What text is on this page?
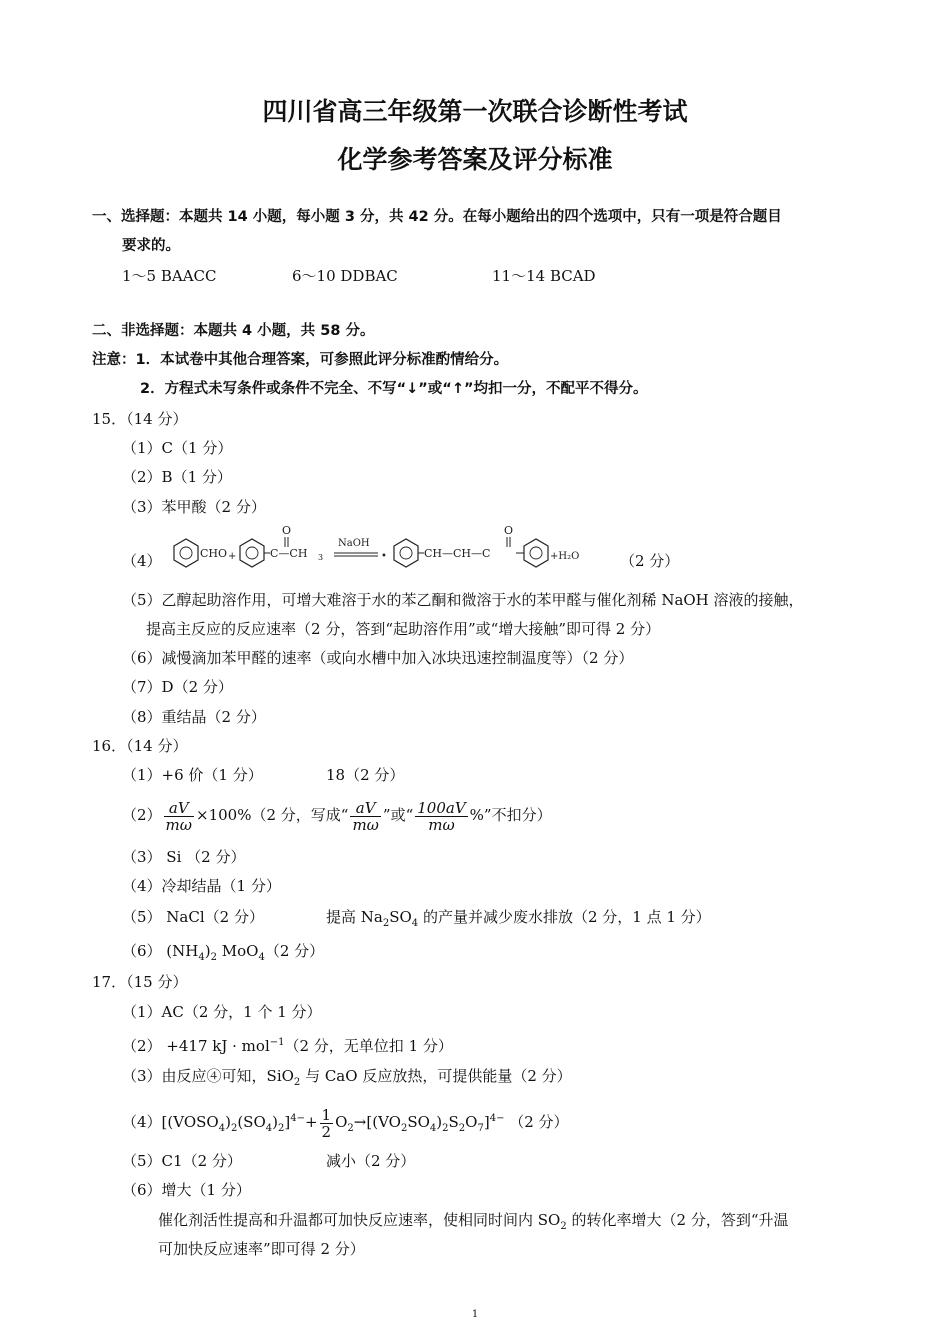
四川省高三年级第一次联合诊断性考试
化学参考答案及评分标准
一、选择题：本题共 14 小题，每小题 3 分，共 42 分。在每小题给出的四个选项中，只有一项是符合题目
要求的。
1～5 BAACC	6～10 DDBAC	11～14 BCAD
二、非选择题：本题共 4 小题，共 58 分。
注意：1．本试卷中其他合理答案，可参照此评分标准酌情给分。
2．方程式未写条件或条件不完全、不写“↓”或“↑”均扣一分，不配平不得分。
15．（14 分）
（1）C（1 分）
（2）B（1 分）
（3）苯甲酸（2 分）
（4）	CHO +
O
C—CH 3
NaOH
•	CH—CH—C
O
+H₂O	（2 分）
（5）乙醇起助溶作用，可增大难溶于水的苯乙酮和微溶于水的苯甲醛与催化剂稀 NaOH 溶液的接触，
提高主反应的反应速率（2 分，答到“起助溶作用”或“增大接触”即可得 2 分）
（6）减慢滴加苯甲醛的速率（或向水槽中加入冰块迅速控制温度等）（2 分）
（7）D（2 分）
（8）重结晶（2 分）
16．（14 分）
（1）+6 价（1 分）	18（2 分）
$(2) \frac{aV}{m\omega} \times 100\%(2$ 分，写成“ $\frac{aV}{m\omega}$ ”或“ $\frac{100aV}{m\omega}$ %”不扣分）
（3） Si （2 分）
（4）冷却结晶（1 分）
（5） NaCl（2 分）	提高 $Na_2SO_4$ 的产量并减少废水排放（2 分，1 点 1 分）
（6） $(NH_4)_2$ MoO$_4$（2 分）
17．（15 分）
（1）AC（2 分，1 个 1 分）
（2） +417 kJ · mol$^{-1}$（2 分，无单位扣 1 分）
（3）由反应④可知，SiO$_2$ 与 CaO 反应放热，可提供能量（2 分）
$(4)[(VOSO_4)_2(SO_4)_2]^{4-}+ \frac{1}{2} O_2\to[(VO_2SO_4)_2S_2O_7]^{4-}$ （2 分）
（5）C1（2 分）	减小（2 分）
（6）增大（1 分）
催化剂活性提高和升温都可加快反应速率，使相同时间内 $SO_2$ 的转化率增大（2 分，答到“升温
可加快反应速率”即可得 2 分）
1
